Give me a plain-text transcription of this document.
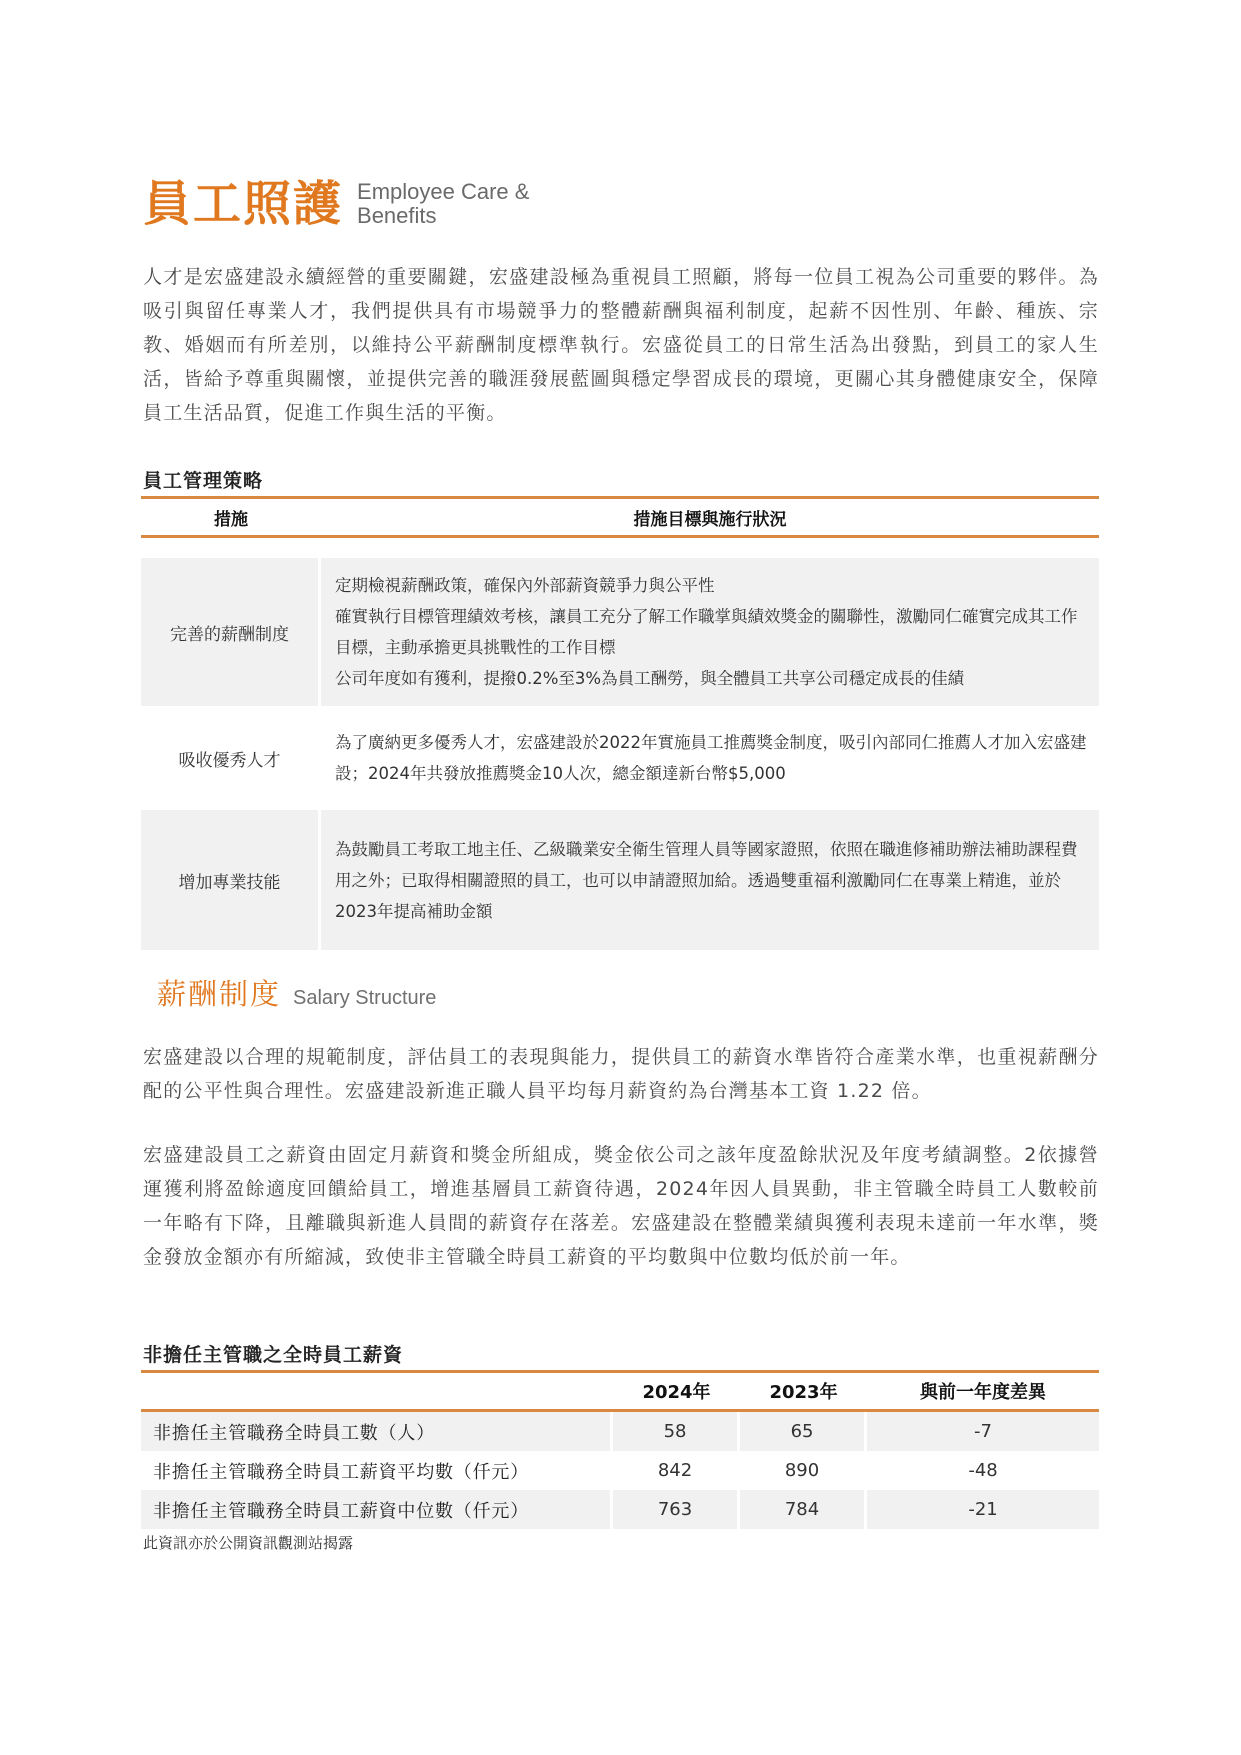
員工照護 Employee Care &
Benefits

人才是宏盛建設永續經營的重要關鍵，宏盛建設極為重視員工照顧，將每一位員工視為公司重要的夥伴。為吸引與留任專業人才，我們提供具有市場競爭力的整體薪酬與福利制度，起薪不因性別、年齡、種族、宗教、婚姻而有所差別，以維持公平薪酬制度標準執行。宏盛從員工的日常生活為出發點，到員工的家人生活，皆給予尊重與關懷，並提供完善的職涯發展藍圖與穩定學習成長的環境，更關心其身體健康安全，保障員工生活品質，促進工作與生活的平衡。

員工管理策略
措施	措施目標與施行狀況

完善的薪酬制度	定期檢視薪酬政策，確保內外部薪資競爭力與公平性
確實執行目標管理績效考核，讓員工充分了解工作職掌與績效獎金的關聯性，激勵同仁確實完成其工作目標，主動承擔更具挑戰性的工作目標
公司年度如有獲利，提撥0.2%至3%為員工酬勞，與全體員工共享公司穩定成長的佳績

吸收優秀人才	為了廣納更多優秀人才，宏盛建設於2022年實施員工推薦獎金制度，吸引內部同仁推薦人才加入宏盛建設；2024年共發放推薦獎金10人次，總金額達新台幣$5,000

增加專業技能	為鼓勵員工考取工地主任、乙級職業安全衛生管理人員等國家證照，依照在職進修補助辦法補助課程費用之外；已取得相關證照的員工，也可以申請證照加給。透過雙重福利激勵同仁在專業上精進，並於2023年提高補助金額
薪酬制度 Salary Structure

宏盛建設以合理的規範制度，評估員工的表現與能力，提供員工的薪資水準皆符合產業水準，也重視薪酬分配的公平性與合理性。宏盛建設新進正職人員平均每月薪資約為台灣基本工資 1.22 倍。

宏盛建設員工之薪資由固定月薪資和獎金所組成，獎金依公司之該年度盈餘狀況及年度考績調整。2依據營運獲利將盈餘適度回饋給員工，增進基層員工薪資待遇，2024年因人員異動，非主管職全時員工人數較前一年略有下降，且離職與新進人員間的薪資存在落差。宏盛建設在整體業績與獲利表現未達前一年水準，獎金發放金額亦有所縮減，致使非主管職全時員工薪資的平均數與中位數均低於前一年。

非擔任主管職之全時員工薪資
	2024年	2023年	與前一年度差異
非擔任主管職務全時員工數（人）	58	65	-7
非擔任主管職務全時員工薪資平均數（仟元）	842	890	-48
非擔任主管職務全時員工薪資中位數（仟元）	763	784	-21
此資訊亦於公開資訊觀測站揭露
